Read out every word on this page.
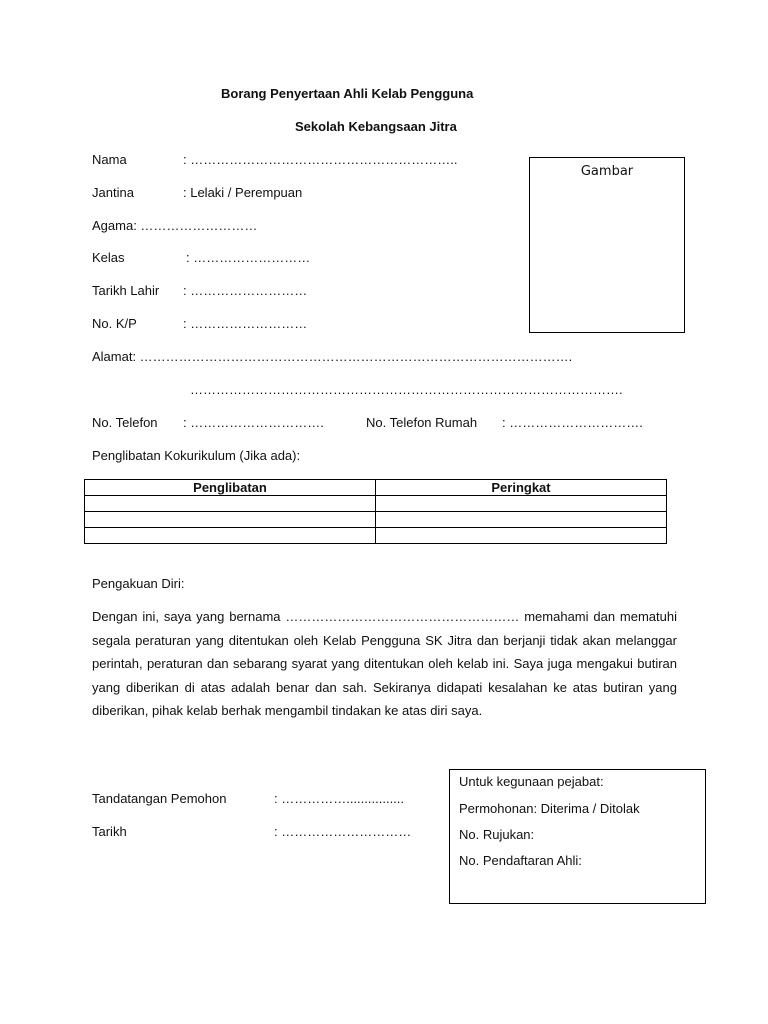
Borang Penyertaan Ahli Kelab Pengguna
Sekolah Kebangsaan Jitra
Nama	: ……………………………………………………..
Jantina	: Lelaki / Perempuan
Agama: ………………………
Kelas	: ………………………
Tarikh Lahir : ………………………
No. K/P	: ………………………
Alamat: ……………………………………………………………………………………….
……………………………………………………………………………………….
No. Telefon : ………………………….	No. Telefon Rumah : ………………………….
Penglibatan Kokurikulum (Jika ada):
Gambar
Penglibatan	Peringkat

Pengakuan Diri:
Dengan ini, saya yang bernama ……………………………………………… memahami dan mematuhi segala peraturan yang ditentukan oleh Kelab Pengguna SK Jitra dan berjanji tidak akan melanggar perintah, peraturan dan sebarang syarat yang ditentukan oleh kelab ini. Saya juga mengakui butiran yang diberikan di atas adalah benar dan sah. Sekiranya didapati kesalahan ke atas butiran yang diberikan, pihak kelab berhak mengambil tindakan ke atas diri saya.
Tandatangan Pemohon	: ……………................
Tarikh	: …………………………
Untuk kegunaan pejabat:
Permohonan: Diterima / Ditolak
No. Rujukan:
No. Pendaftaran Ahli:
